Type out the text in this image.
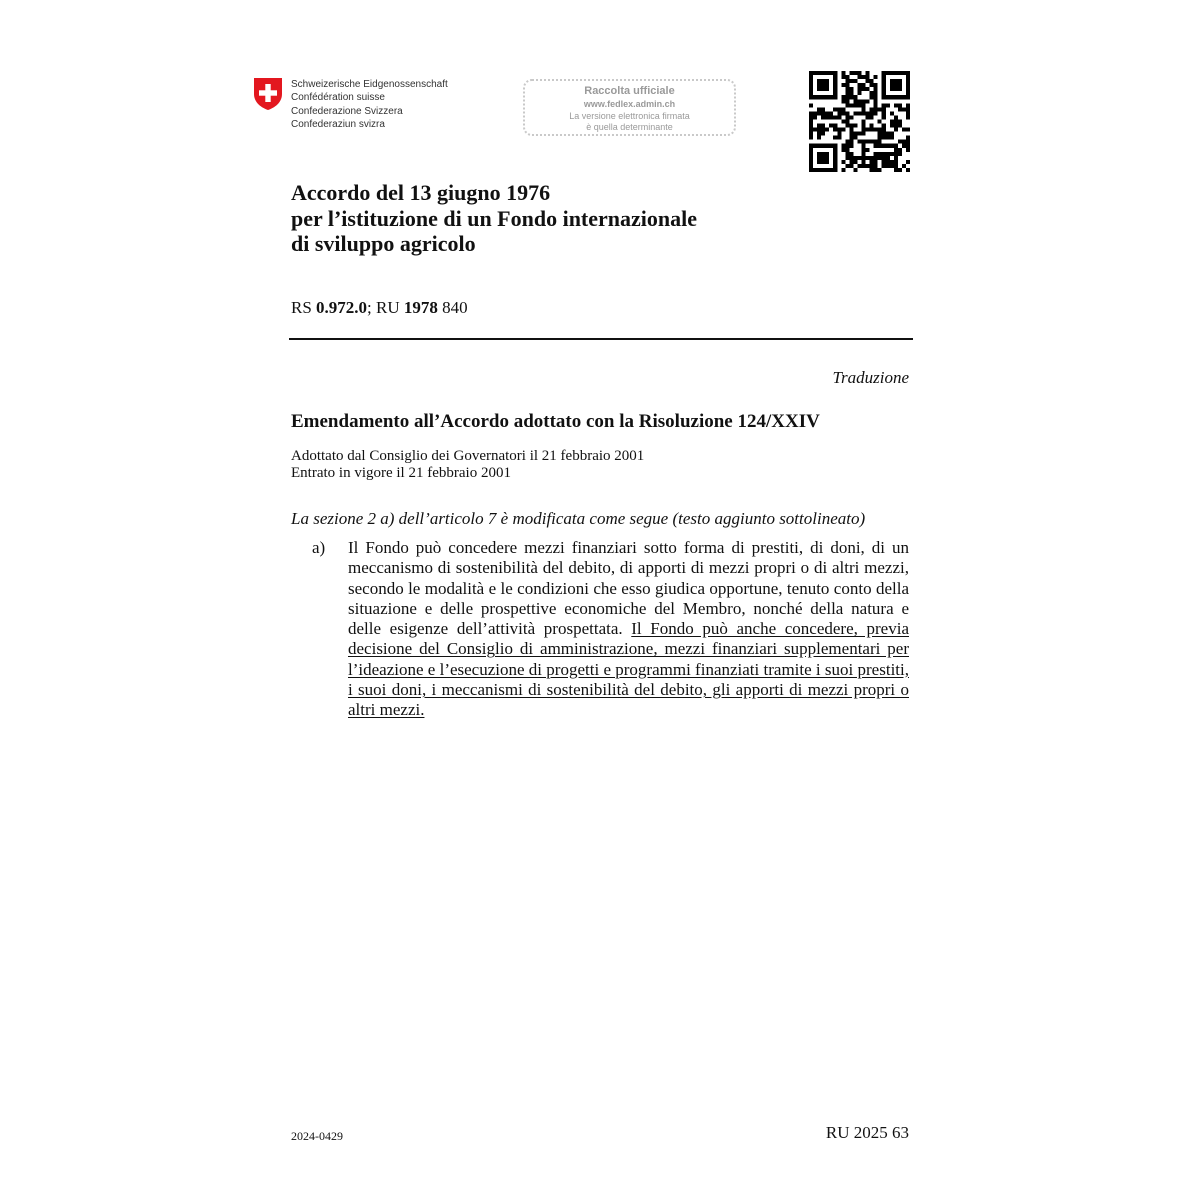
Schweizerische Eidgenossenschaft
Confédération suisse
Confederazione Svizzera
Confederaziun svizra
Raccolta ufficiale
www.fedlex.admin.ch
La versione elettronica firmata
è quella determinante
Accordo del 13 giugno 1976
per l’istituzione di un Fondo internazionale
di sviluppo agricolo
RS 0.972.0; RU 1978 840
Traduzione
Emendamento all’Accordo adottato con la Risoluzione 124/XXIV
Adottato dal Consiglio dei Governatori il 21 febbraio 2001
Entrato in vigore il 21 febbraio 2001
La sezione 2 a) dell’articolo 7 è modificata come segue (testo aggiunto sottolineato)
a) Il Fondo può concedere mezzi finanziari sotto forma di prestiti, di doni, di un meccanismo di sostenibilità del debito, di apporti di mezzi propri o di altri mezzi, secondo le modalità e le condizioni che esso giudica opportune, tenuto conto della situazione e delle prospettive economiche del Membro, nonché della natura e delle esigenze dell’attività prospettata. Il Fondo può anche concedere, previa decisione del Consiglio di amministrazione, mezzi finanziari supplementari per l’ideazione e l’esecuzione di progetti e programmi finanziati tramite i suoi prestiti, i suoi doni, i meccanismi di sostenibilità del debito, gli apporti di mezzi propri o altri mezzi.
2024-0429	RU 2025 63
